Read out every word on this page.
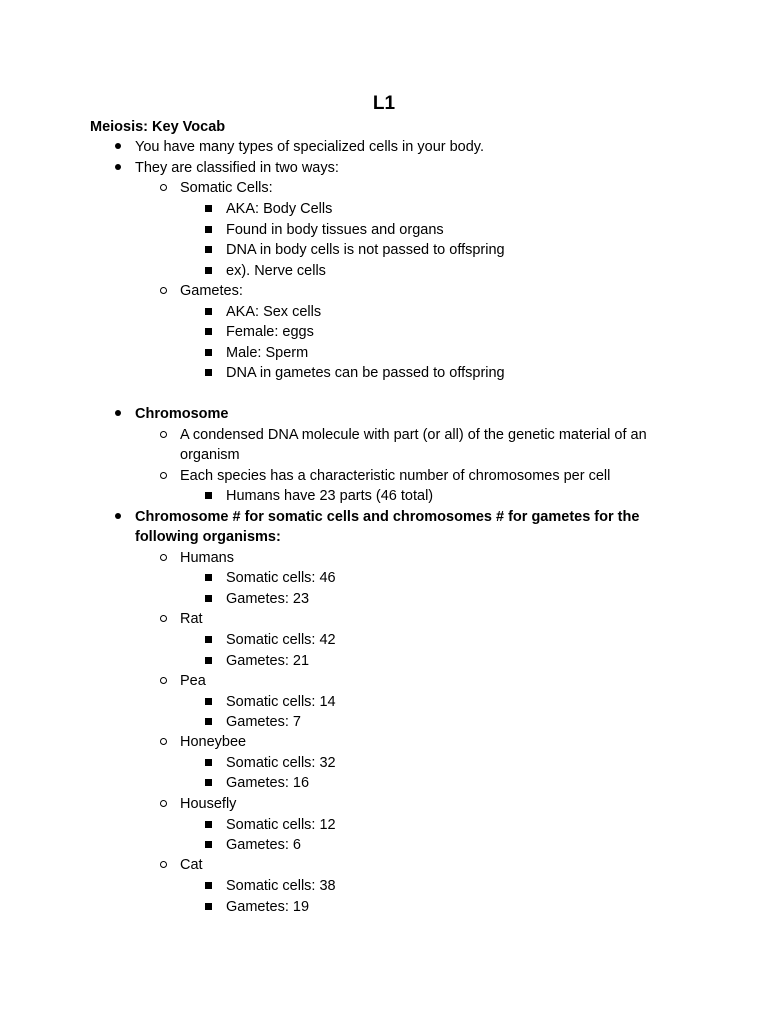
L1
Meiosis: Key Vocab
You have many types of specialized cells in your body.
They are classified in two ways:
Somatic Cells:
AKA: Body Cells
Found in body tissues and organs
DNA in body cells is not passed to offspring
ex). Nerve cells
Gametes:
AKA: Sex cells
Female: eggs
Male: Sperm
DNA in gametes can be passed to offspring
Chromosome
A condensed DNA molecule with part (or all) of the genetic material of an
organism
Each species has a characteristic number of chromosomes per cell
Humans have 23 parts (46 total)
Chromosome # for somatic cells and chromosomes # for gametes for the
following organisms:
Humans
Somatic cells: 46
Gametes: 23
Rat
Somatic cells: 42
Gametes: 21
Pea
Somatic cells: 14
Gametes: 7
Honeybee
Somatic cells: 32
Gametes: 16
Housefly
Somatic cells: 12
Gametes: 6
Cat
Somatic cells: 38
Gametes: 19
